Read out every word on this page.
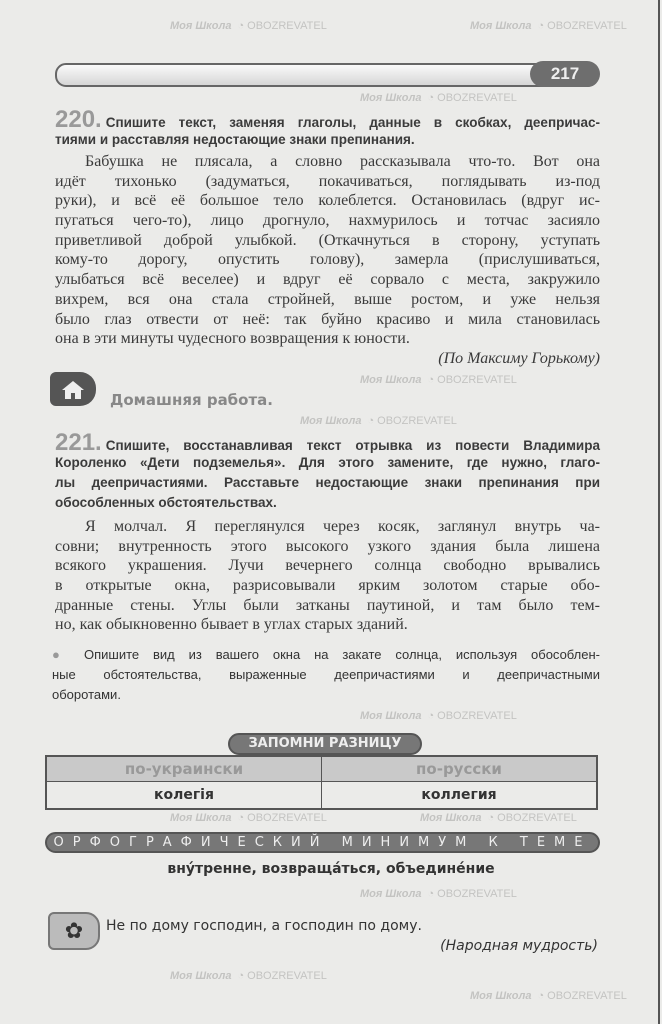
217
220. Спишите текст, заменяя глаголы, данные в скобках, деепричас-
тиями и расставляя недостающие знаки препинания.
Бабушка не плясала, а словно рассказывала что-то. Вот она
идёт тихонько (задуматься, покачиваться, поглядывать из-под
руки), и всё её большое тело колеблется. Остановилась (вдруг ис-
пугаться чего-то), лицо дрогнуло, нахмурилось и тотчас засияло
приветливой доброй улыбкой. (Откачнуться в сторону, уступать
кому-то дорогу, опустить голову), замерла (прислушиваться,
улыбаться всё веселее) и вдруг её сорвало с места, закружило
вихрем, вся она стала стройней, выше ростом, и уже нельзя
было глаз отвести от неё: так буйно красиво и мила становилась
она в эти минуты чудесного возвращения к юности.
(По Максиму Горькому)
Домашняя работа.
221. Спишите, восстанавливая текст отрывка из повести Владимира
Короленко «Дети подземелья». Для этого замените, где нужно, глаго-
лы деепричастиями. Расставьте недостающие знаки препинания при
обособленных обстоятельствах.
Я молчал. Я переглянулся через косяк, заглянул внутрь ча-
совни; внутренность этого высокого узкого здания была лишена
всякого украшения. Лучи вечернего солнца свободно врывались
в открытые окна, разрисовывали ярким золотом старые обо-
дранные стены. Углы были затканы паутиной, и там было тем-
но, как обыкновенно бывает в углах старых зданий.
● Опишите вид из вашего окна на закате солнца, используя обособлен-
ные обстоятельства, выраженные деепричастиями и деепричастными
оборотами.
ЗАПОМНИ РАЗНИЦУ
по-украински	по-русски
колегія	коллегия
ОРФОГРАФИЧЕСКИЙ МИНИМУМ К ТЕМЕ
вну́тренне, возвраща́ться, объедине́ние
✿	Не по дому господин, а господин по дому.
(Народная мудрость)
Моя Школа ◔ OBOZREVATEL	Моя Школа ◔ OBOZREVATEL
Моя Школа ◔ OBOZREVATEL
Моя Школа ◔ OBOZREVATEL
Моя Школа ◔ OBOZREVATEL
Моя Школа ◔ OBOZREVATEL
Моя Школа ◔ OBOZREVATEL	Моя Школа ◔ OBOZREVATEL
Моя Школа ◔ OBOZREVATEL
Моя Школа ◔ OBOZREVATEL
Моя Школа ◔ OBOZREVATEL
